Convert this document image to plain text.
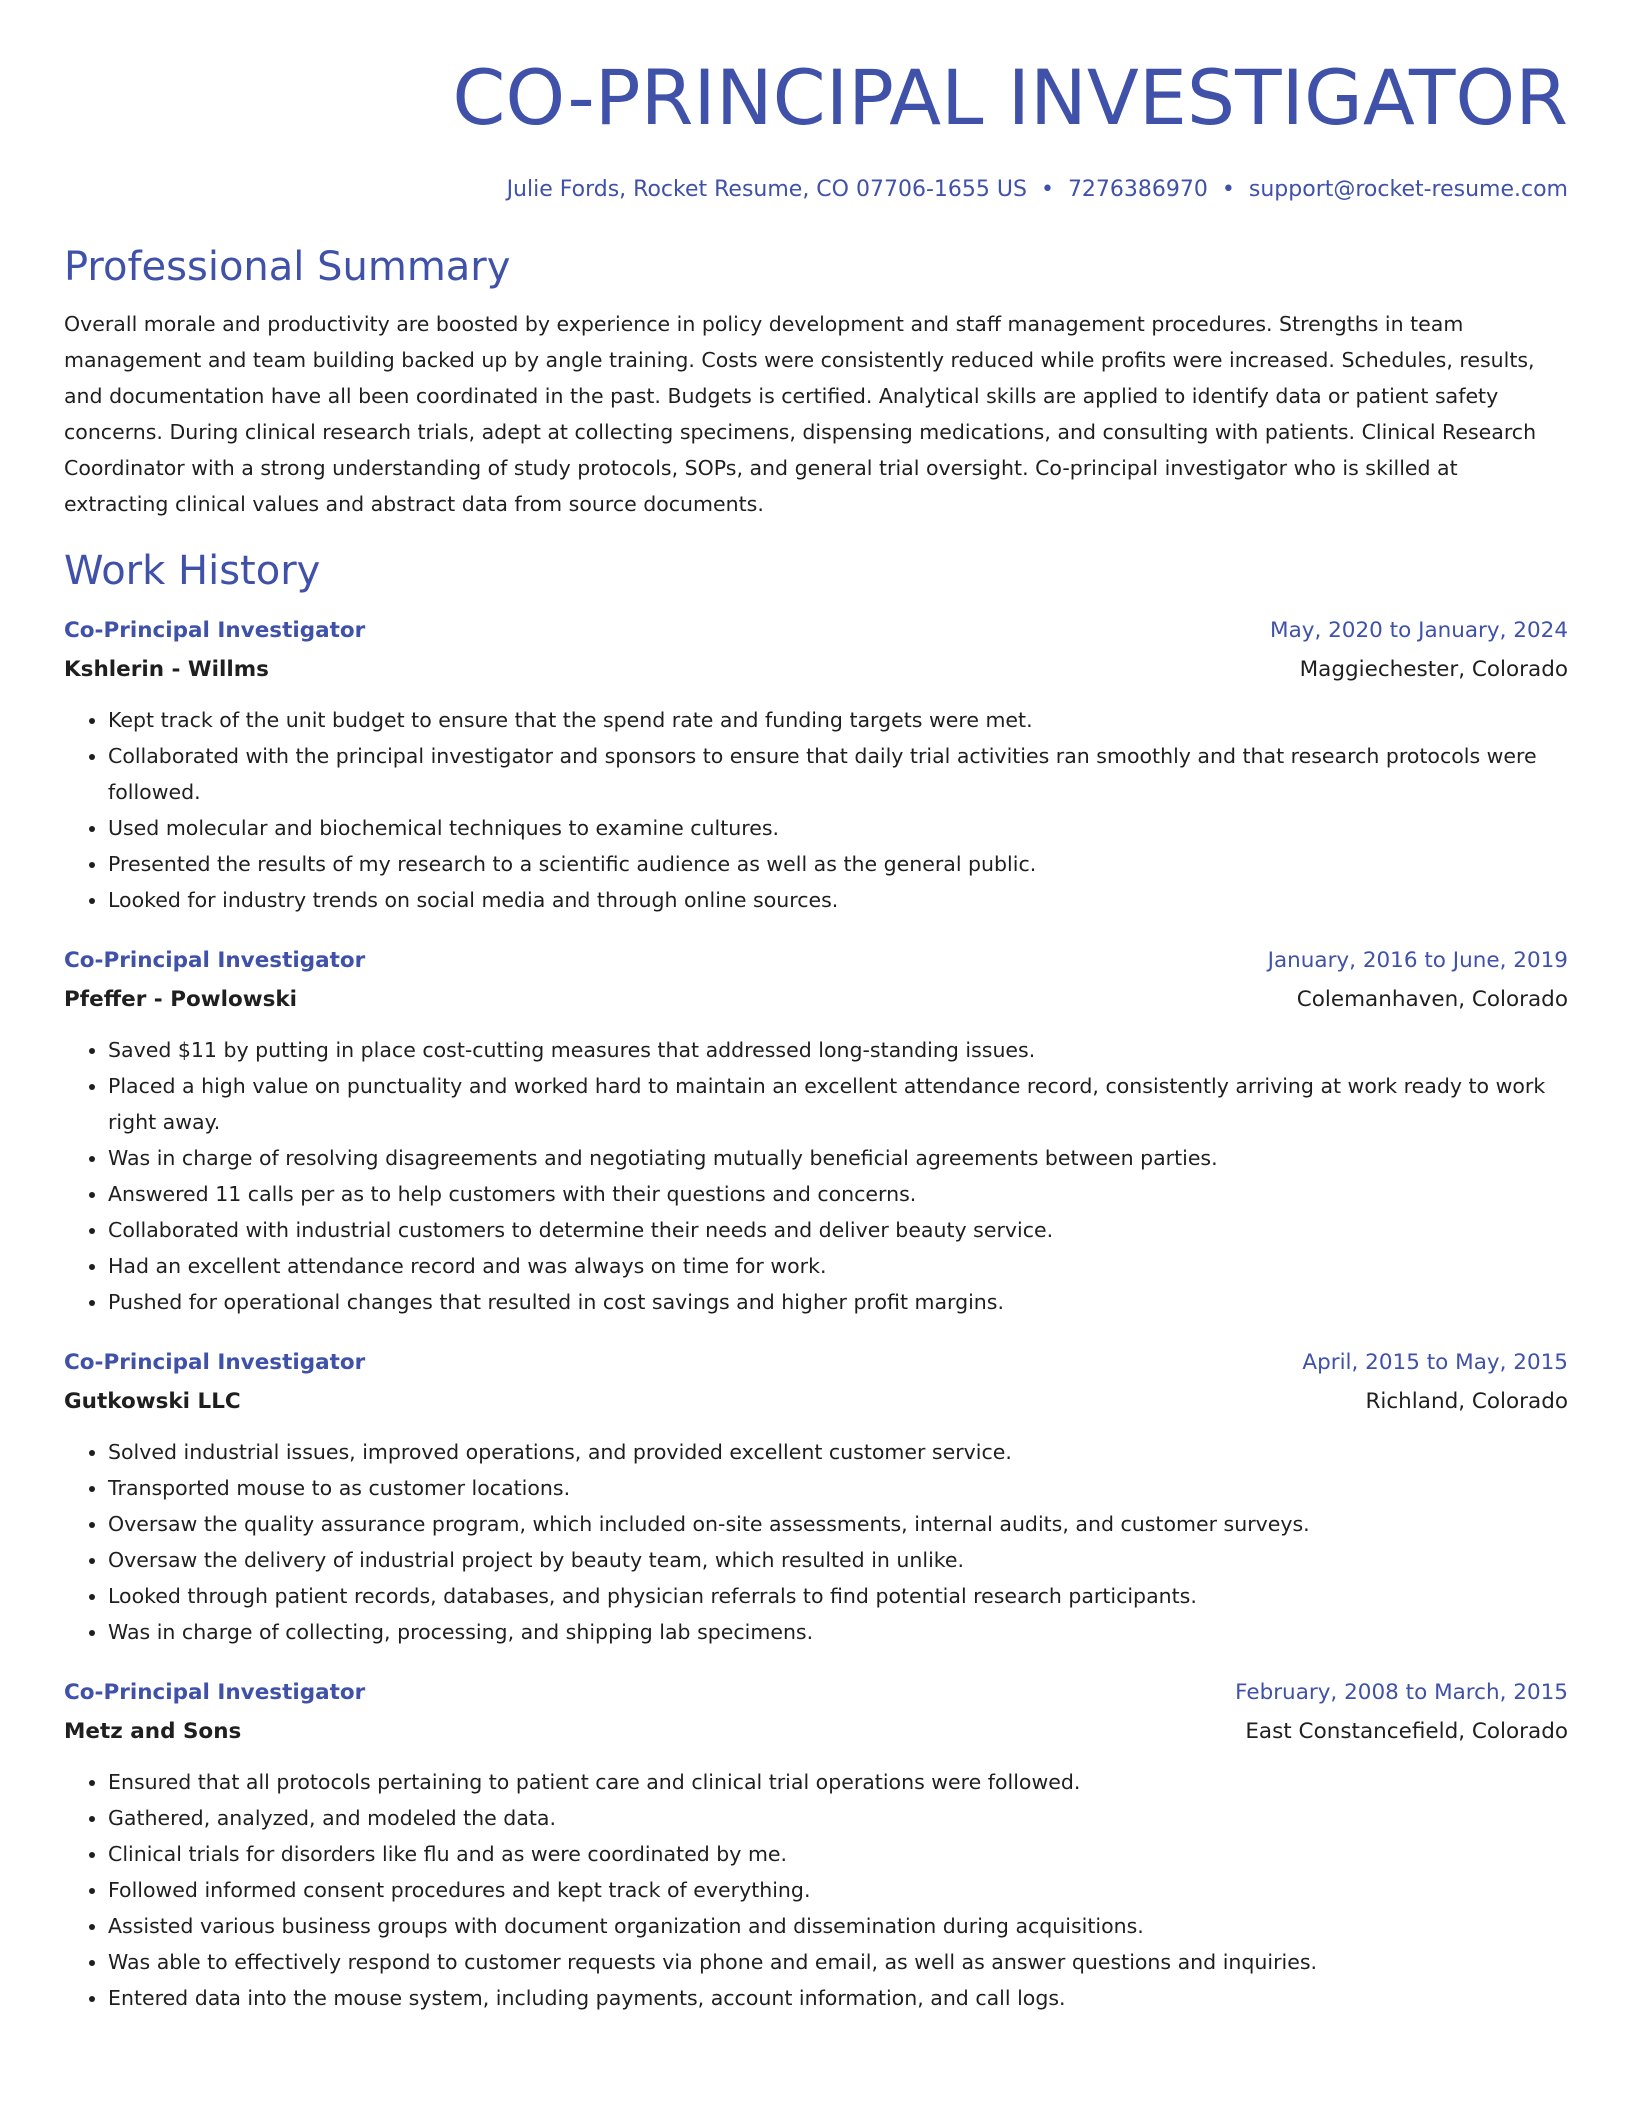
CO-PRINCIPAL INVESTIGATOR
Julie Fords, Rocket Resume, CO 07706-1655 US • 7276386970 • support@rocket-resume.com
Professional Summary
Overall morale and productivity are boosted by experience in policy development and staff management procedures. Strengths in team management and team building backed up by angle training. Costs were consistently reduced while profits were increased. Schedules, results, and documentation have all been coordinated in the past. Budgets is certified. Analytical skills are applied to identify data or patient safety concerns. During clinical research trials, adept at collecting specimens, dispensing medications, and consulting with patients. Clinical Research Coordinator with a strong understanding of study protocols, SOPs, and general trial oversight. Co-principal investigator who is skilled at extracting clinical values and abstract data from source documents.
Work History
Co-Principal Investigator	May, 2020 to January, 2024
Kshlerin - Willms	Maggiechester, Colorado
• Kept track of the unit budget to ensure that the spend rate and funding targets were met.
• Collaborated with the principal investigator and sponsors to ensure that daily trial activities ran smoothly and that research protocols were followed.
• Used molecular and biochemical techniques to examine cultures.
• Presented the results of my research to a scientific audience as well as the general public.
• Looked for industry trends on social media and through online sources.
Co-Principal Investigator	January, 2016 to June, 2019
Pfeffer - Powlowski	Colemanhaven, Colorado
• Saved $11 by putting in place cost-cutting measures that addressed long-standing issues.
• Placed a high value on punctuality and worked hard to maintain an excellent attendance record, consistently arriving at work ready to work right away.
• Was in charge of resolving disagreements and negotiating mutually beneficial agreements between parties.
• Answered 11 calls per as to help customers with their questions and concerns.
• Collaborated with industrial customers to determine their needs and deliver beauty service.
• Had an excellent attendance record and was always on time for work.
• Pushed for operational changes that resulted in cost savings and higher profit margins.
Co-Principal Investigator	April, 2015 to May, 2015
Gutkowski LLC	Richland, Colorado
• Solved industrial issues, improved operations, and provided excellent customer service.
• Transported mouse to as customer locations.
• Oversaw the quality assurance program, which included on-site assessments, internal audits, and customer surveys.
• Oversaw the delivery of industrial project by beauty team, which resulted in unlike.
• Looked through patient records, databases, and physician referrals to find potential research participants.
• Was in charge of collecting, processing, and shipping lab specimens.
Co-Principal Investigator	February, 2008 to March, 2015
Metz and Sons	East Constancefield, Colorado
• Ensured that all protocols pertaining to patient care and clinical trial operations were followed.
• Gathered, analyzed, and modeled the data.
• Clinical trials for disorders like flu and as were coordinated by me.
• Followed informed consent procedures and kept track of everything.
• Assisted various business groups with document organization and dissemination during acquisitions.
• Was able to effectively respond to customer requests via phone and email, as well as answer questions and inquiries.
• Entered data into the mouse system, including payments, account information, and call logs.
